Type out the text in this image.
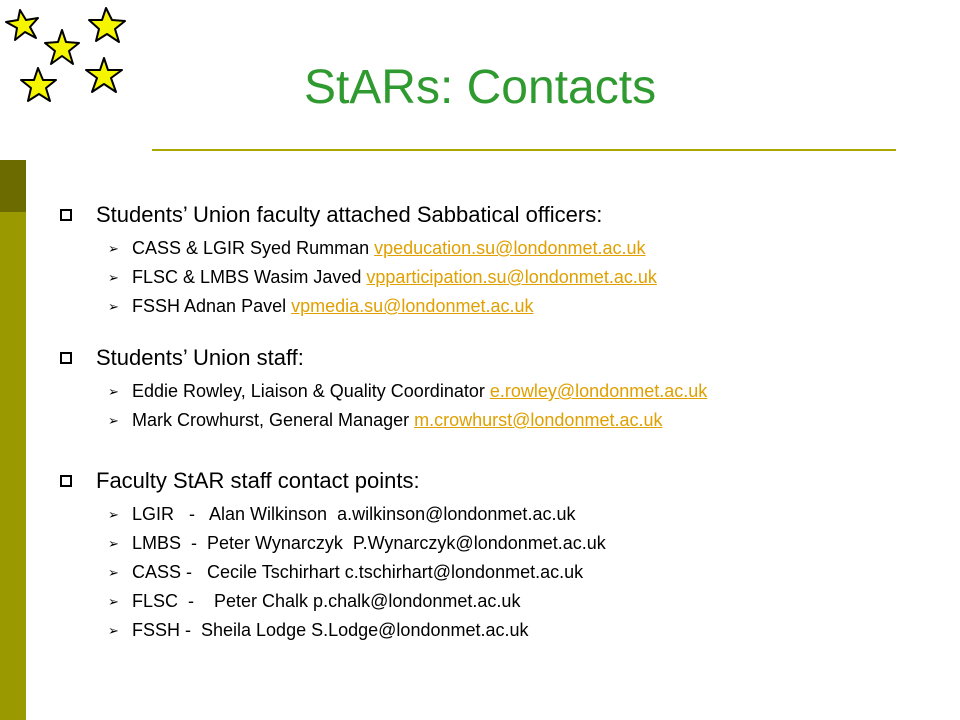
StARs: Contacts
Students’ Union faculty attached Sabbatical officers:
➢ CASS & LGIR Syed Rumman vpeducation.su@londonmet.ac.uk
➢ FLSC & LMBS Wasim Javed vpparticipation.su@londonmet.ac.uk
➢ FSSH Adnan Pavel vpmedia.su@londonmet.ac.uk
Students’ Union staff:
➢ Eddie Rowley, Liaison & Quality Coordinator e.rowley@londonmet.ac.uk
➢ Mark Crowhurst, General Manager m.crowhurst@londonmet.ac.uk
Faculty StAR staff contact points:
➢ LGIR   -   Alan Wilkinson  a.wilkinson@londonmet.ac.uk
➢ LMBS  -  Peter Wynarczyk  P.Wynarczyk@londonmet.ac.uk
➢ CASS -   Cecile Tschirhart c.tschirhart@londonmet.ac.uk
➢ FLSC  -    Peter Chalk p.chalk@londonmet.ac.uk
➢ FSSH -  Sheila Lodge S.Lodge@londonmet.ac.uk
